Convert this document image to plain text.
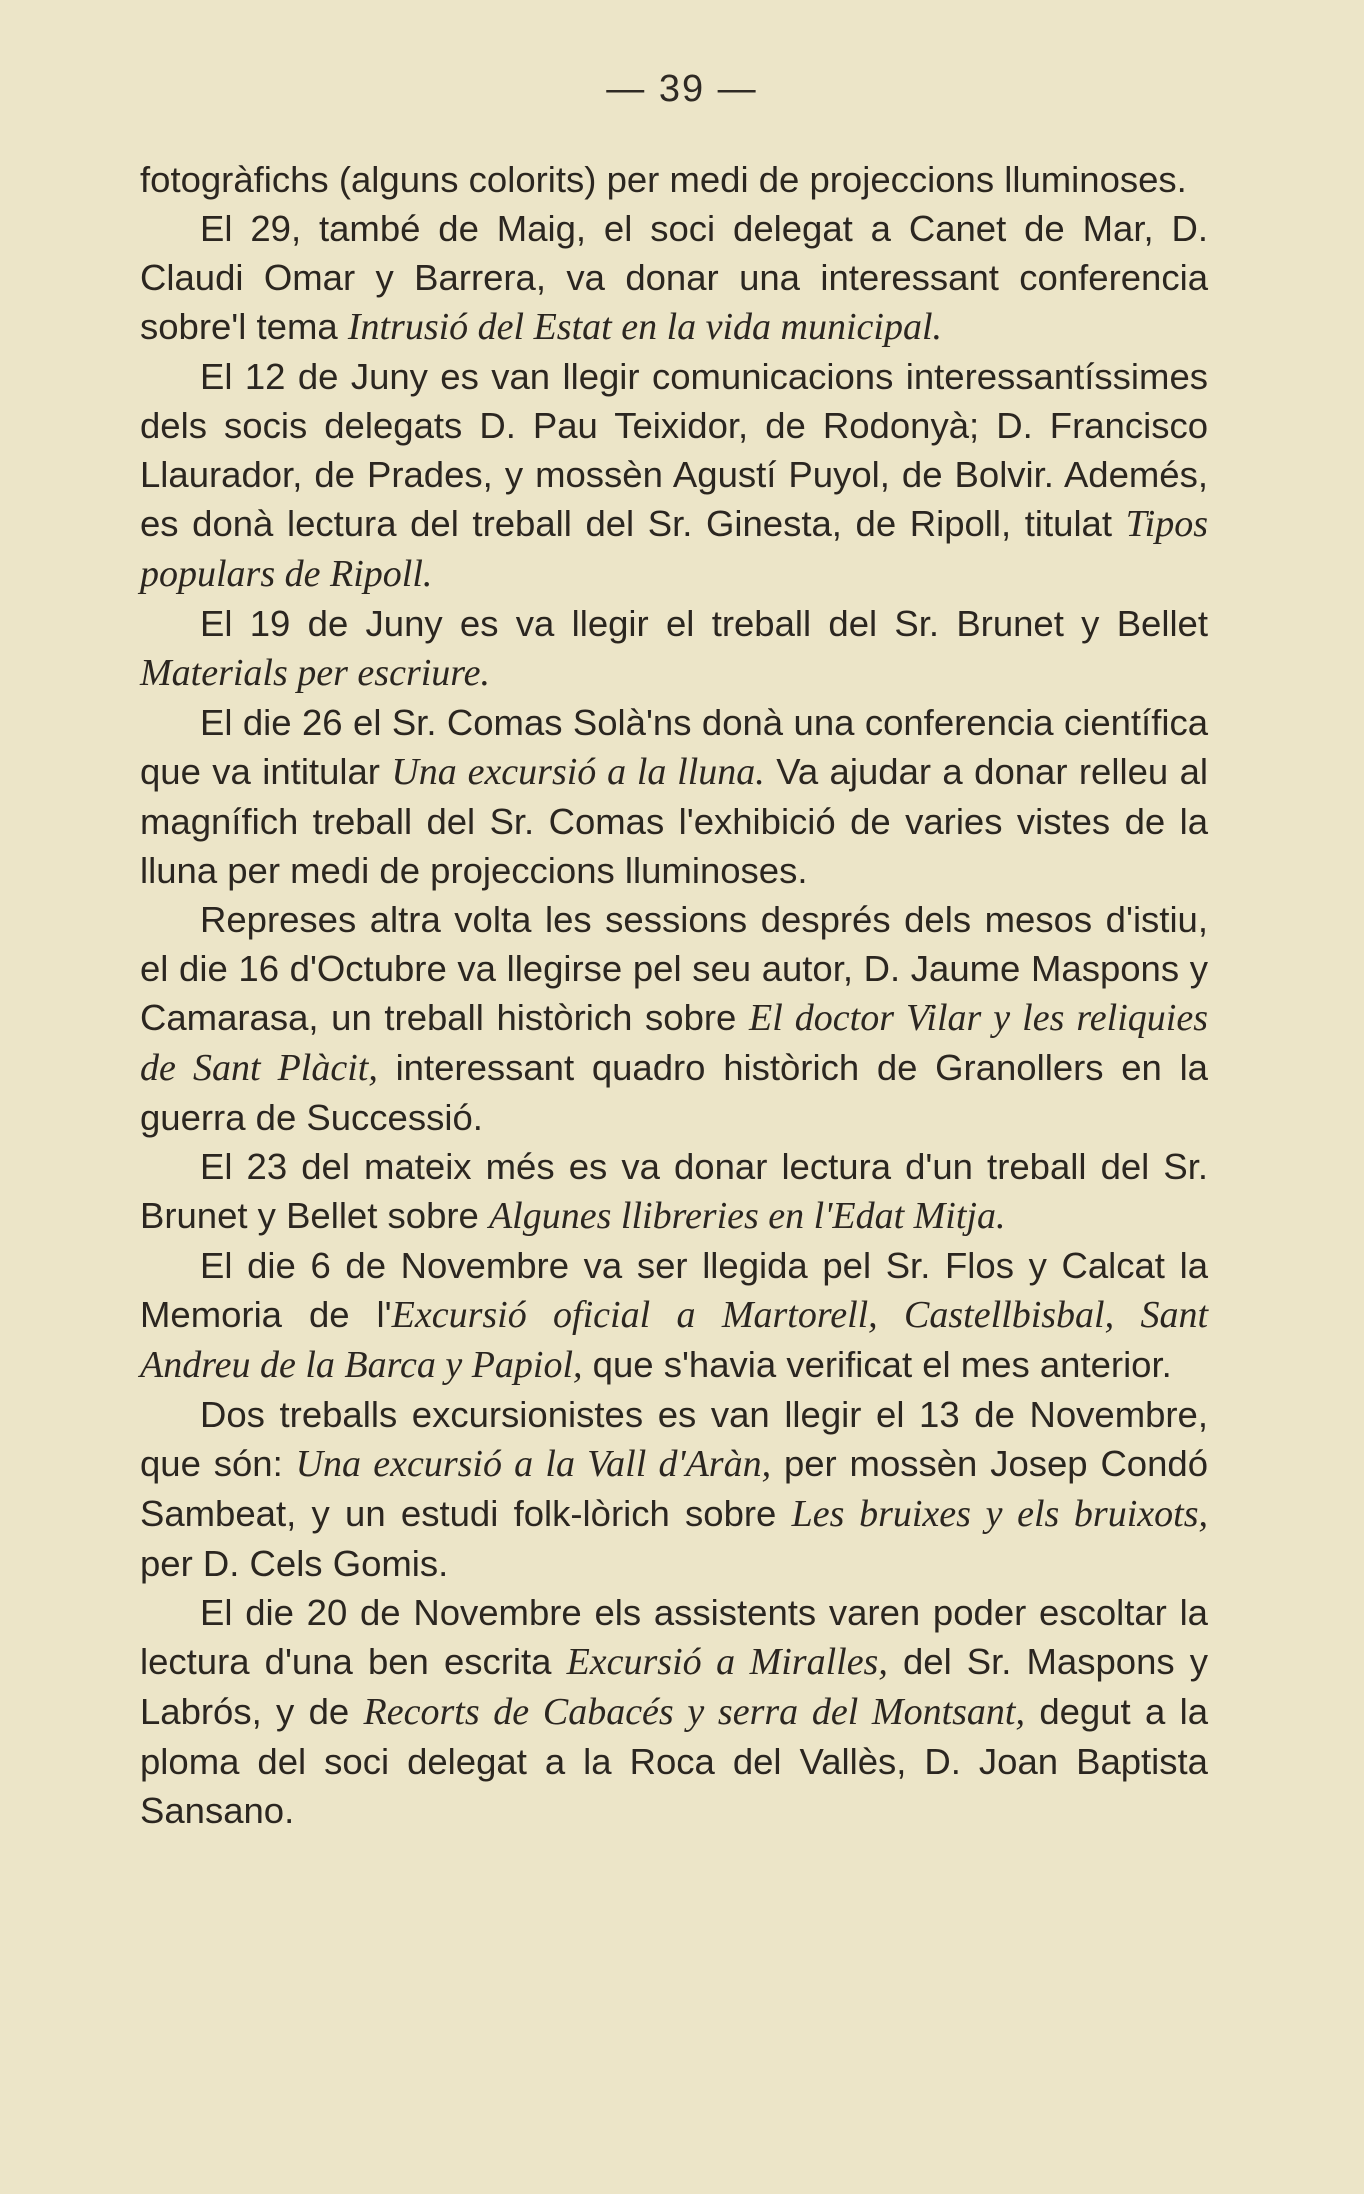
— 39 —

fotogràfichs (alguns colorits) per medi de projeccions lluminoses.

El 29, també de Maig, el soci delegat a Canet de Mar, D. Claudi Omar y Barrera, va donar una interessant conferencia sobre'l tema Intrusió del Estat en la vida municipal.

El 12 de Juny es van llegir comunicacions interessantíssimes dels socis delegats D. Pau Teixidor, de Rodonyà; D. Francisco Llaurador, de Prades, y mossèn Agustí Puyol, de Bolvir. Ademés, es donà lectura del treball del Sr. Ginesta, de Ripoll, titulat Tipos populars de Ripoll.

El 19 de Juny es va llegir el treball del Sr. Brunet y Bellet Materials per escriure.

El die 26 el Sr. Comas Solà'ns donà una conferencia científica que va intitular Una excursió a la lluna. Va ajudar a donar relleu al magnífich treball del Sr. Comas l'exhibició de varies vistes de la lluna per medi de projeccions lluminoses.

Represes altra volta les sessions després dels mesos d'istiu, el die 16 d'Octubre va llegirse pel seu autor, D. Jaume Maspons y Camarasa, un treball històrich sobre El doctor Vilar y les reliquies de Sant Plàcit, interessant quadro històrich de Granollers en la guerra de Successió.

El 23 del mateix més es va donar lectura d'un treball del Sr. Brunet y Bellet sobre Algunes llibreries en l'Edat Mitja.

El die 6 de Novembre va ser llegida pel Sr. Flos y Calcat la Memoria de l'Excursió oficial a Martorell, Castellbisbal, Sant Andreu de la Barca y Papiol, que s'havia verificat el mes anterior.

Dos treballs excursionistes es van llegir el 13 de Novembre, que són: Una excursió a la Vall d'Aràn, per mossèn Josep Condó Sambeat, y un estudi folk-lòrich sobre Les bruixes y els bruixots, per D. Cels Gomis.

El die 20 de Novembre els assistents varen poder escoltar la lectura d'una ben escrita Excursió a Miralles, del Sr. Maspons y Labrós, y de Recorts de Cabacés y serra del Montsant, degut a la ploma del soci delegat a la Roca del Vallès, D. Joan Baptista Sansano.
